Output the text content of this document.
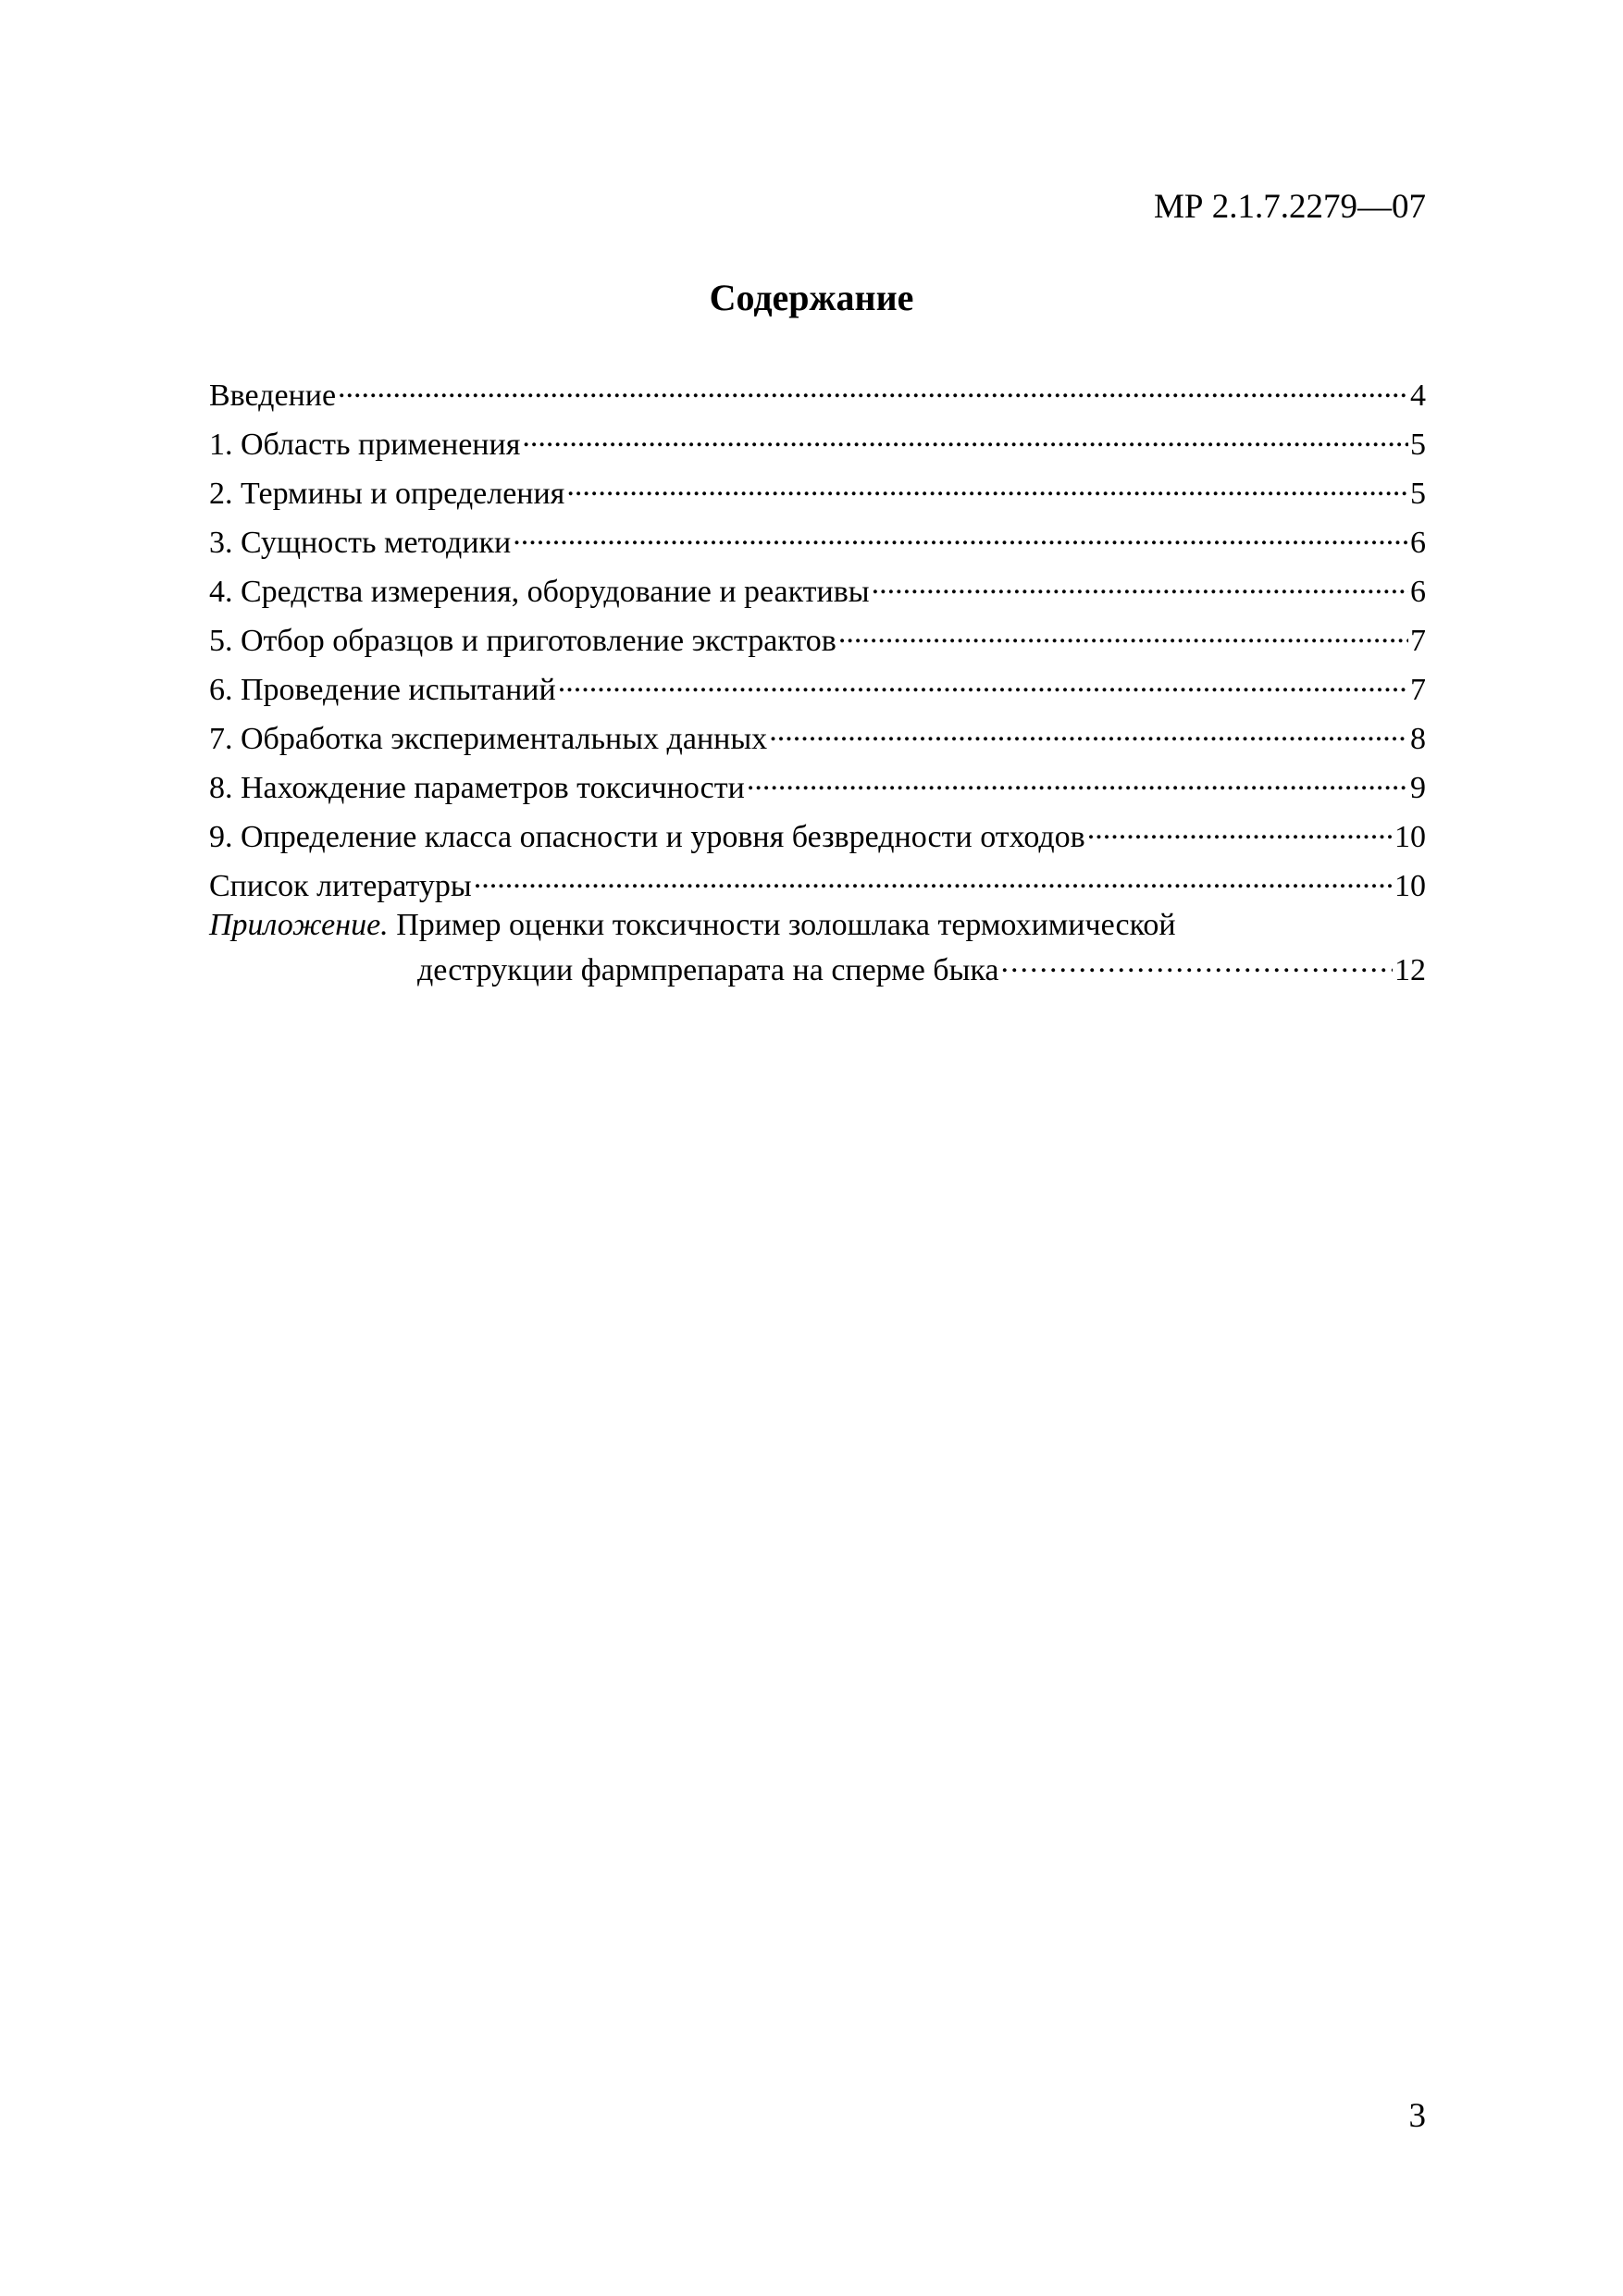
МР 2.1.7.2279—07
Содержание
Введение .....	4
1. Область применения .....	5
2. Термины и определения .....	5
3. Сущность методики .....	6
4. Средства измерения, оборудование и реактивы .....	6
5. Отбор образцов и приготовление экстрактов .....	7
6. Проведение испытаний .....	7
7. Обработка экспериментальных данных .....	8
8. Нахождение параметров токсичности .....	9
9. Определение класса опасности и уровня безвредности отходов .....	10
Список литературы .....	10
Приложение. Пример оценки токсичности золошлака термохимической
деструкции фармпрепарата на сперме быка .....	12
3
